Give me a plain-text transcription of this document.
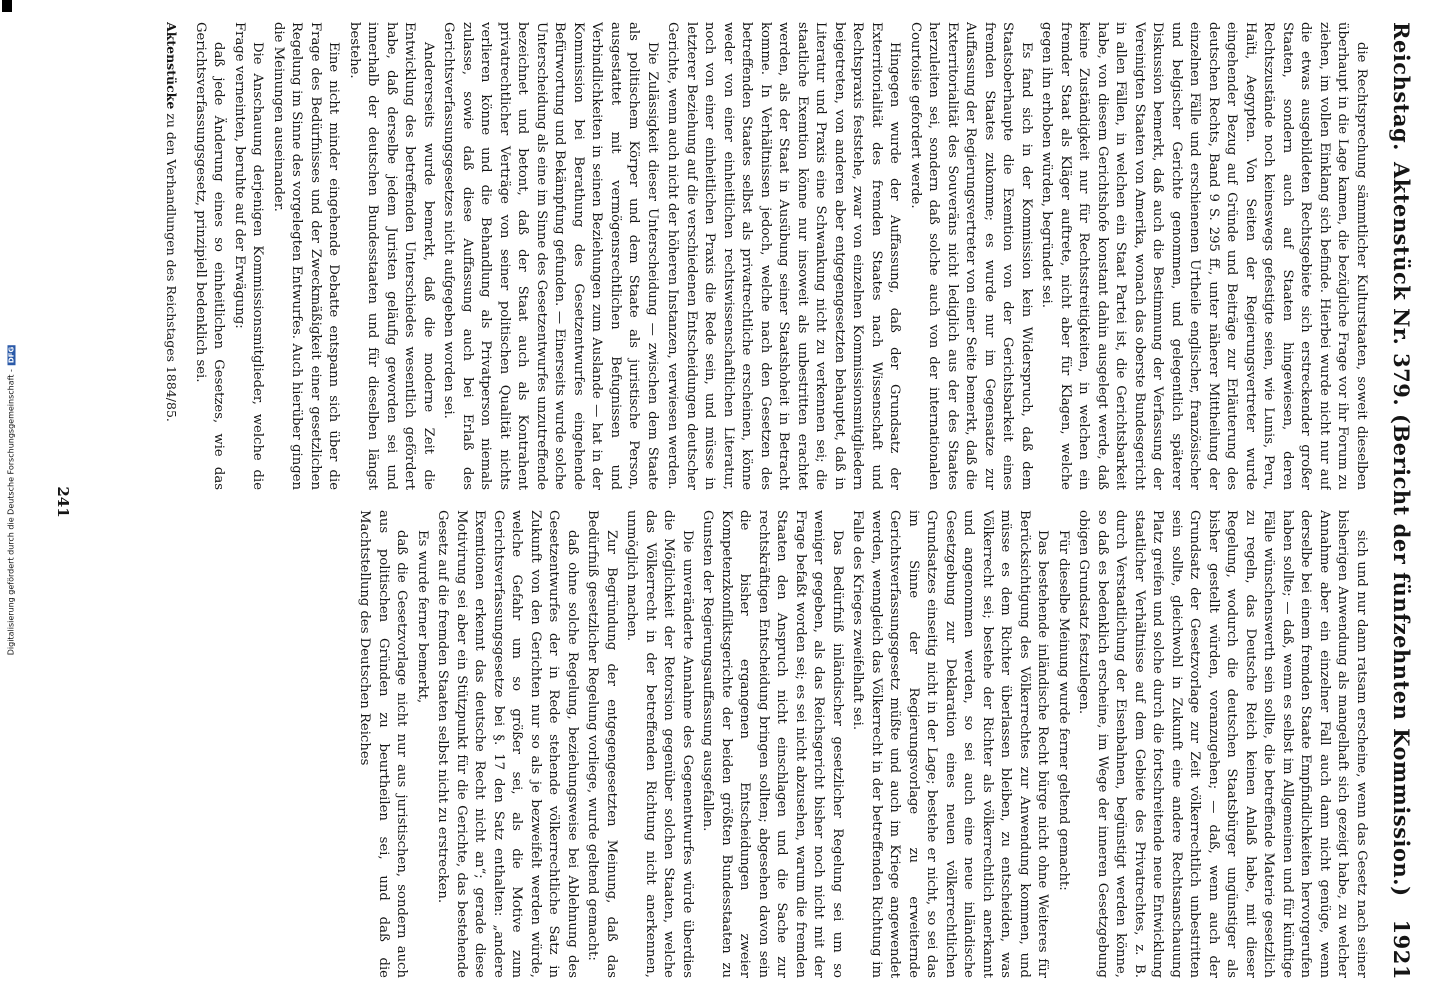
Digitalisierung gefördert durch die Deutsche Forschungsgemeinschaft -DFG
Reichstag.
Aktenstück Nr. 379. (Bericht der fünfzehnten Kommission.)
1921

die Rechtsprechung sämmtlicher Kulturstaaten, soweit dieselben überhaupt in die Lage kamen, die bezügliche Frage vor ihr Forum zu ziehen, im vollen Einklang sich befinde. Hierbei wurde nicht nur auf die etwas ausgebildeten Rechtsgebiete sich erstreckender großer Staaten, sondern auch auf Staaten hingewiesen, deren Rechtszustände noch keineswegs gefestigte seien, wie Lunis, Peru, Haïti, Aegypten. Von Seiten der Regierungsvertreter wurde eingehender Bezug auf Gründe und Beiträge zur Erläuterung des deutschen Rechts, Band 9 S. 295 ff., unter näherer Mittheilung der einzelnen Fälle und erschienenen Urtheile englischer, französischer und belgischer Gerichte genommen, und gelegentlich späterer Diskussion bemerkt, daß auch die Bestimmung der Verfassung der Vereinigten Staaten von Amerika, wonach das oberste Bundesgericht in allen Fällen, in welchen ein Staat Partei ist, die Gerichtsbarkeit habe, von diesem Gerichtshofe konstant dahin ausgelegt werde, daß keine Zuständigkeit nur für Rechtsstreitigkeiten, in welchen ein fremder Staat als Kläger auftrete, nicht aber für Klagen, welche gegen ihn erhoben würden, begründet sei.

Es fand sich in der Kommission kein Widerspruch, daß dem Staatsoberhaupte die Exemtion von der Gerichtsbarkeit eines fremden Staates zukomme; es wurde nur im Gegensatze zur Auffassung der Regierungsvertreter von einer Seite bemerkt, daß die Exterritorialität des Souveräns nicht lediglich aus der des Staates herzuleiten sei, sondern daß solche auch von der internationalen Courtoisie gefordert werde.

Hingegen wurde der Auffassung, daß der Grundsatz der Exterritorialität des fremden Staates nach Wissenschaft und Rechtspraxis feststehe, zwar von einzelnen Kommissionsmitgliedern beigetreten, von anderen aber entgegengesetzten behauptet, daß in Literatur und Praxis eine Schwankung nicht zu verkennen sei; die staatliche Exemtion könne nur insoweit als unbestritten erachtet werden, als der Staat in Ausübung seiner Staatshoheit in Betracht komme. In Verhältnissen jedoch, welche nach den Gesetzen des betreffenden Staates selbst als privatrechtliche erscheinen, könne weder von einer einheitlichen rechtswissenschaftlichen Literatur, noch von einer einheitlichen Praxis die Rede sein, und müsse in letzterer Beziehung auf die verschiedenen Entscheidungen deutscher Gerichte, wenn auch nicht der höheren Instanzen, verwiesen werden.

Die Zulässigkeit dieser Unterscheidung — zwischen dem Staate als politischem Körper und dem Staate als juristische Person, ausgestattet mit vermögensrechtlichen Befugnissen und Verbindlichkeiten in seinen Beziehungen zum Auslande — hat in der Kommission bei Berathung des Gesetzentwurfes eingehende Befürwortung und Bekämpfung gefunden. — Einerseits wurde solche Unterscheidung als eine im Sinne des Gesetzentwurfes unzutreffende bezeichnet und betont, daß der Staat auch als Kontrahent privatrechtlicher Verträge von seiner politischen Qualität nichts verlieren könne und die Behandlung als Privatperson niemals zulasse, sowie daß diese Auffassung auch bei Erlaß des Gerichtsverfassungsgesetzes nicht aufgegeben worden sei.

Andererseits wurde bemerkt, daß die moderne Zeit die Entwicklung des betreffenden Unterschiedes wesentlich gefördert habe, daß derselbe jedem Juristen geläufig geworden sei und innerhalb der deutschen Bundesstaaten und für dieselben längst bestehe.

Eine nicht minder eingehende Debatte entspann sich über die Frage des Bedürfnisses und der Zweckmäßigkeit einer gesetzlichen Regelung im Sinne des vorgelegten Entwurfes. Auch hierüber gingen die Meinungen auseinander.

Die Anschauung derjenigen Kommissionsmitglieder, welche die Frage verneinten, beruhte auf der Erwägung:

daß jede Änderung eines so einheitlichen Gesetzes, wie das Gerichtsverfassungsgesetz, prinzipiell bedenklich sei.

Aktenstücke zu den Verhandlungen des Reichstages 1884/85.

sich und nur dann ratsam erscheine, wenn das Gesetz nach seiner bisherigen Anwendung als mangelhaft sich gezeigt habe, zu welcher Annahme aber ein einzelner Fall auch dann nicht genüge, wenn derselbe bei einem fremden Staate Empfindlichkeiten hervorgerufen haben sollte; — daß, wenn es selbst im Allgemeinen und für künftige Fälle wünschenswerth sein sollte, die betreffende Materie gesetzlich zu regeln, das Deutsche Reich keinen Anlaß habe, mit dieser Regelung, wodurch die deutschen Staatsbürger ungünstiger als bisher gestellt würden, voranzugehen; — daß, wenn auch der Grundsatz der Gesetzvorlage zur Zeit völkerrechtlich unbestritten sein sollte, gleichwohl in Zukunft eine andere Rechtsanschauung Platz greifen und solche durch die fortschreitende neue Entwicklung staatlicher Verhältnisse auf dem Gebiete des Privatrechtes, z. B. durch Verstaatlichung der Eisenbahnen, begünstigt werden könne, so daß es bedenklich erscheine, im Wege der inneren Gesetzgebung obigen Grundsatz festzulegen.

Für dieselbe Meinung wurde ferner geltend gemacht:

Das bestehende inländische Recht bürge nicht ohne Weiteres für Berücksichtigung des Völkerrechtes zur Anwendung kommen, und müsse es dem Richter überlassen bleiben, zu entscheiden, was Völkerrecht sei; bestehe der Richter als völkerrechtlich anerkannt und angenommen werden, so sei auch eine neue inländische Gesetzgebung zur Deklaration eines neuen völkerrechtlichen Grundsatzes einseitig nicht in der Lage; bestehe er nicht, so sei das im Sinne der Regierungsvorlage zu erweiternde Gerichtsverfassungsgesetz müßte und auch im Kriege angewendet werden, wenngleich das Völkerrecht in der betreffenden Richtung im Falle des Krieges zweifelhaft sei.

Das Bedürfniß inländischer gesetzlicher Regelung sei um so weniger gegeben, als das Reichsgericht bisher noch nicht mit der Frage befaßt worden sei; es sei nicht abzusehen, warum die fremden Staaten den Anspruch nicht einschlagen und die Sache zur rechtskräftigen Entscheidung bringen sollten; abgesehen davon sein die bisher ergangenen Entscheidungen zweier Kompetenzkonfliktsgerichte der beiden größten Bundesstaaten zu Gunsten der Regierungsauffassung ausgefallen.

Die unveränderte Annahme des Gegenentwurfes würde überdies die Möglichkeit der Retorsion gegenüber solchen Staaten, welche das Völkerrecht in der betreffenden Richtung nicht anerkennen, unmöglich machen.

Zur Begründung der entgegengesetzten Meinung, daß das Bedürfniß gesetzlicher Regelung vorliege, wurde geltend gemacht:

daß ohne solche Regelung, beziehungsweise bei Ablehnung des Gesetzentwurfes der in Rede stehende völkerrechtliche Satz in Zukunft von den Gerichten nur so als je bezweifelt werden würde, welche Gefahr um so größer sei, als die Motive zum Gerichtsverfassungsgesetze bei §. 17 den Satz enthalten: „andere Exemtionen erkennt das deutsche Recht nicht an“; gerade diese Motivirung sei aber ein Stützpunkt für die Gerichte, das bestehende Gesetz auf die fremden Staaten selbst nicht zu erstrecken.

Es wurde ferner bemerkt,

daß die Gesetzvorlage nicht nur aus juristischen, sondern auch aus politischen Gründen zu beurtheilen sei, und daß die Machtstellung des Deutschen Reiches

241
